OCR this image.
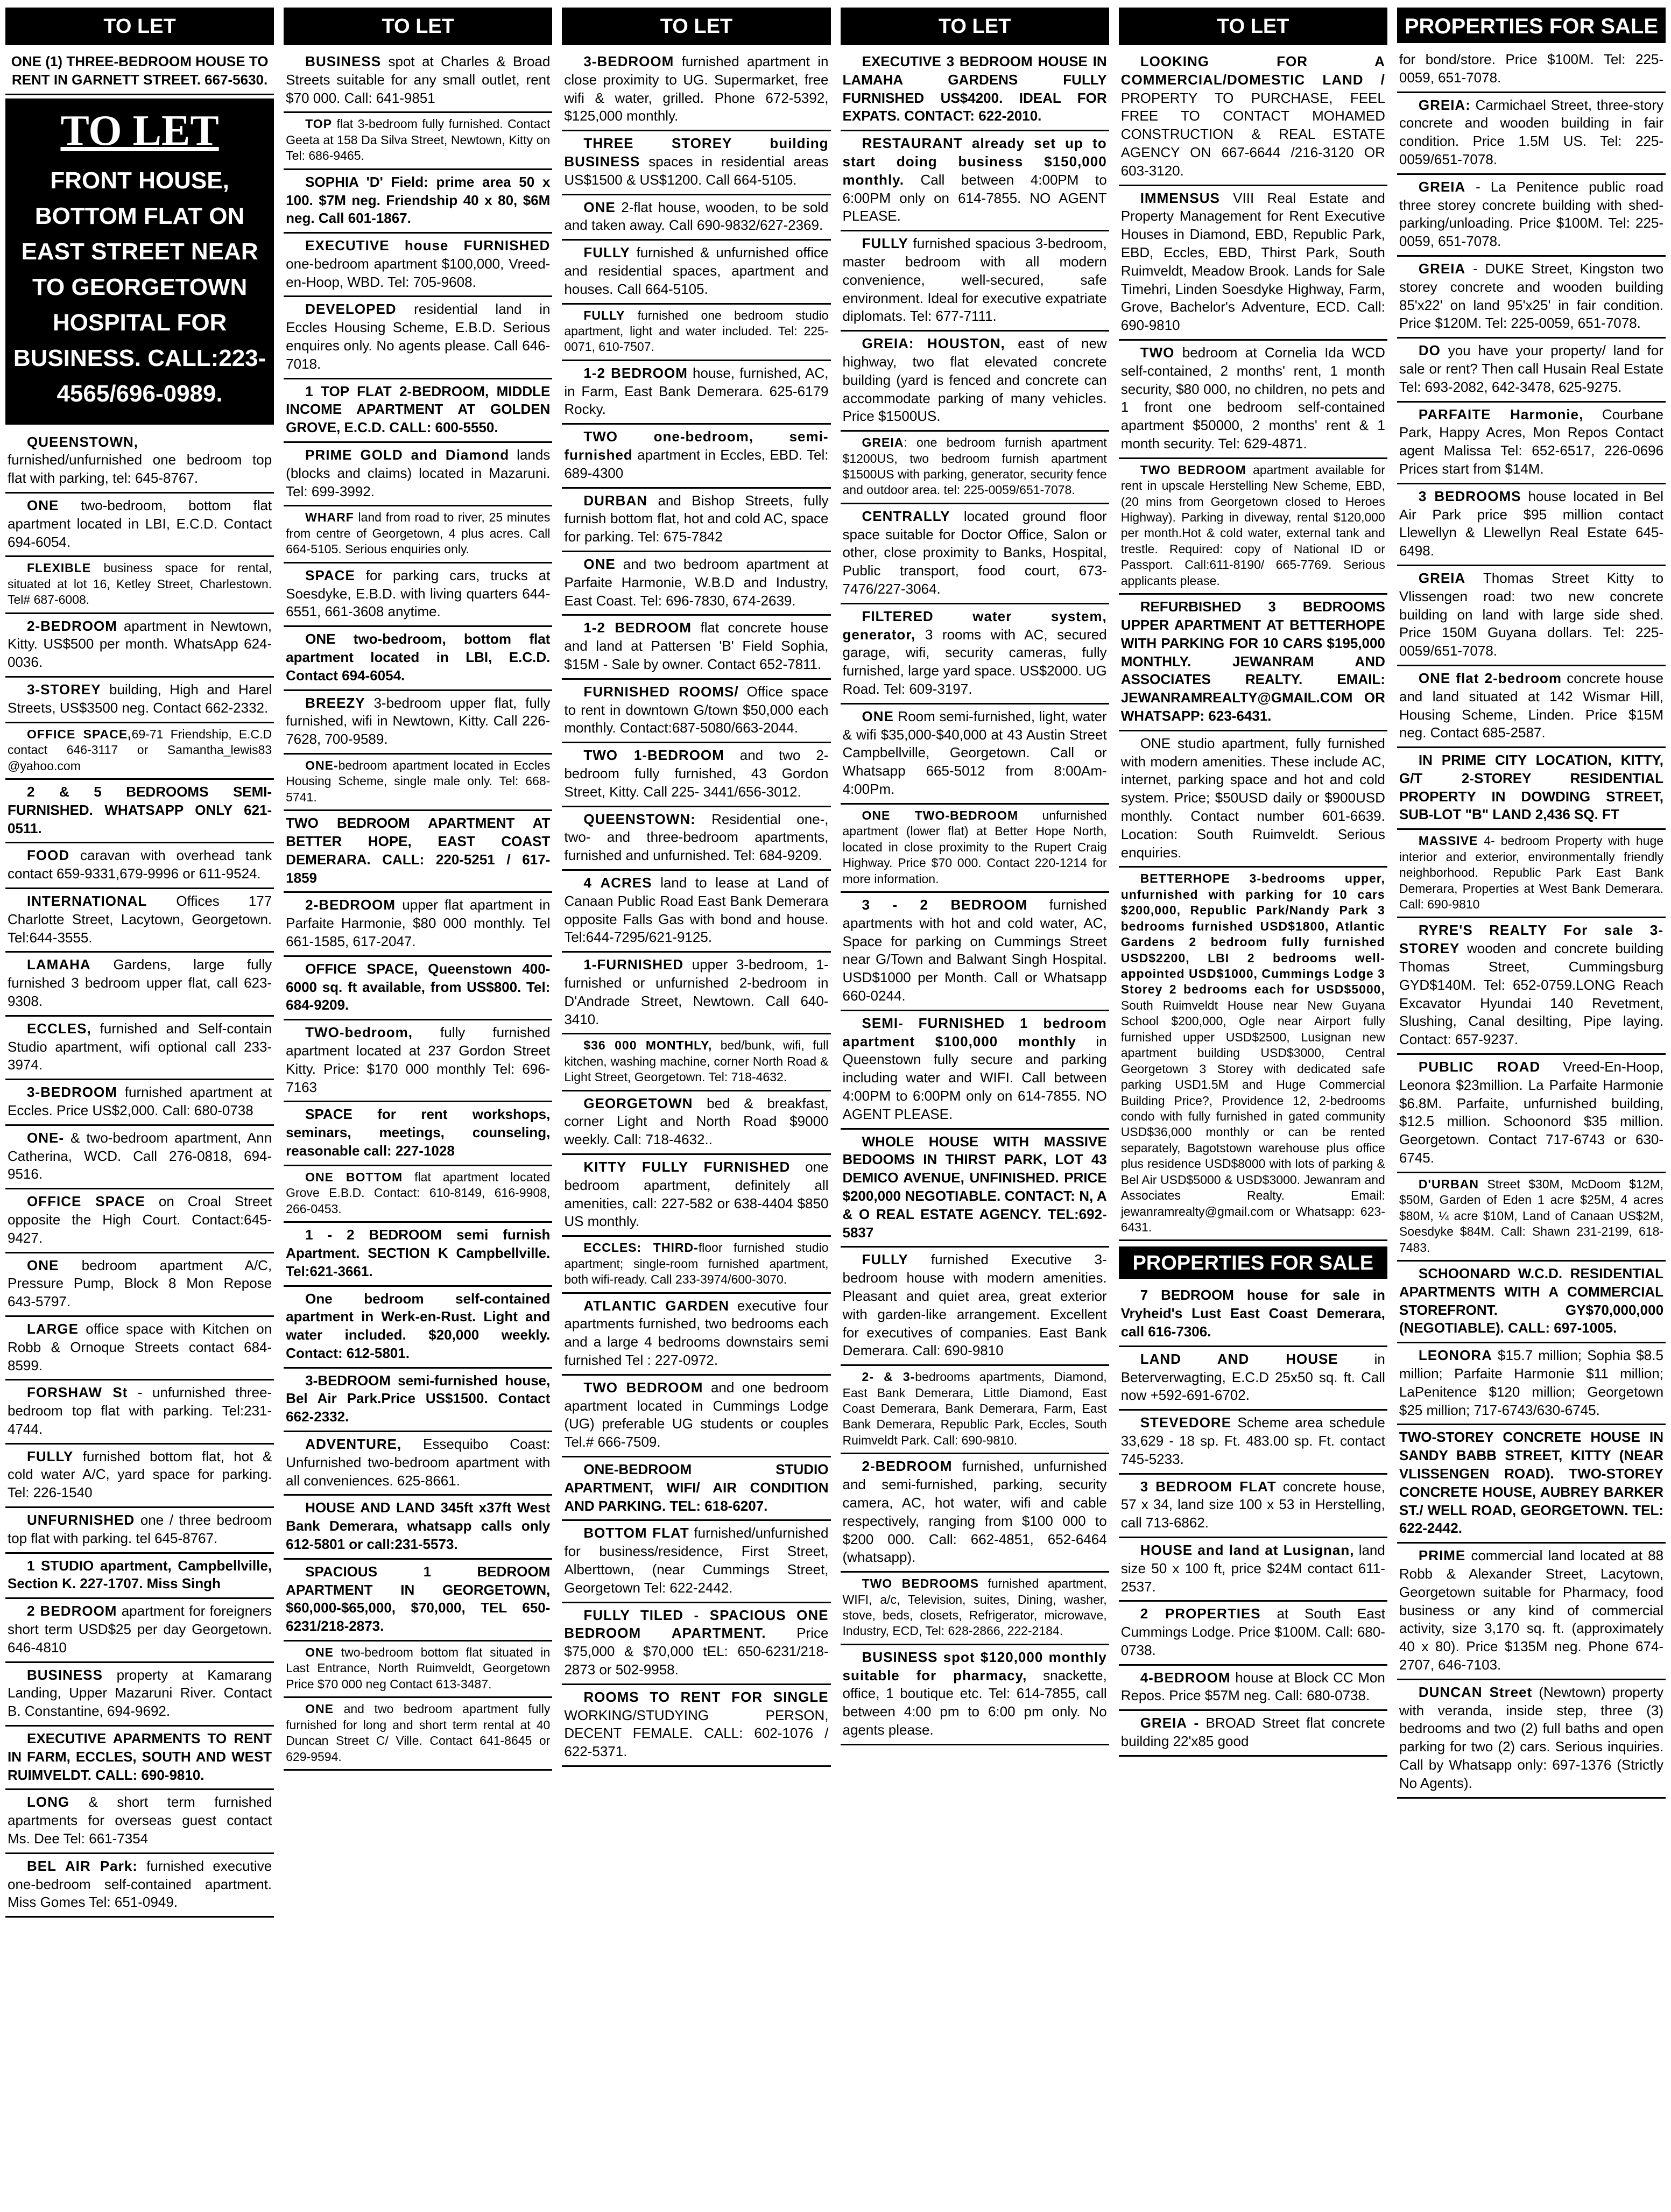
TO LET
ONE (1) THREE-BEDROOM HOUSE TO RENT IN GARNETT STREET. 667-5630.
TO LET
FRONT HOUSE, BOTTOM FLAT ON EAST STREET NEAR TO GEORGETOWN HOSPITAL FOR BUSINESS. CALL:223-4565/696-0989.
QUEENSTOWN, furnished/unfurnished one bedroom top flat with parking, tel: 645-8767.
ONE two-bedroom, bottom flat apartment located in LBI, E.C.D. Contact 694-6054.
FLEXIBLE business space for rental, situated at lot 16, Ketley Street, Charlestown. Tel# 687-6008.
2-BEDROOM apartment in Newtown, Kitty. US$500 per month. WhatsApp 624-0036.
3-STOREY building, High and Harel Streets, US$3500 neg. Contact 662-2332.
OFFICE SPACE,69-71 Friendship, E.C.D contact 646-3117 or Samantha_lewis83 @yahoo.com
2 & 5 BEDROOMS SEMI-FURNISHED. WHATSAPP ONLY 621-0511.
FOOD caravan with overhead tank contact 659-9331,679-9996 or 611-9524.
INTERNATIONAL Offices 177 Charlotte Street, Lacytown, Georgetown. Tel:644-3555.
LAMAHA Gardens, large fully furnished 3 bedroom upper flat, call 623-9308.
ECCLES, furnished and Self-contain Studio apartment, wifi optional call 233-3974.
3-BEDROOM furnished apartment at Eccles. Price US$2,000. Call: 680-0738
ONE- & two-bedroom apartment, Ann Catherina, WCD. Call 276-0818, 694-9516.
OFFICE SPACE on Croal Street opposite the High Court. Contact:645-9427.
ONE bedroom apartment A/C, Pressure Pump, Block 8 Mon Repose 643-5797.
LARGE office space with Kitchen on Robb & Ornoque Streets contact 684-8599.
FORSHAW St - unfurnished three-bedroom top flat with parking. Tel:231-4744.
FULLY furnished bottom flat, hot & cold water A/C, yard space for parking. Tel: 226-1540
UNFURNISHED one / three bedroom top flat with parking. tel 645-8767.
1 STUDIO apartment, Campbellville, Section K. 227-1707. Miss Singh
2 BEDROOM apartment for foreigners short term USD$25 per day Georgetown. 646-4810
BUSINESS property at Kamarang Landing, Upper Mazaruni River. Contact B. Constantine, 694-9692.
EXECUTIVE APARMENTS TO RENT IN FARM, ECCLES, SOUTH AND WEST RUIMVELDT. CALL: 690-9810.
LONG & short term furnished apartments for overseas guest contact Ms. Dee Tel: 661-7354
BEL AIR Park: furnished executive one-bedroom self-contained apartment. Miss Gomes Tel: 651-0949.
TO LET
BUSINESS spot at Charles & Broad Streets suitable for any small outlet, rent $70 000. Call: 641-9851
TOP flat 3-bedroom fully furnished. Contact Geeta at 158 Da Silva Street, Newtown, Kitty on Tel: 686-9465.
SOPHIA 'D' Field: prime area 50 x 100. $7M neg. Friendship 40 x 80, $6M neg. Call 601-1867.
EXECUTIVE house FURNISHED one-bedroom apartment $100,000, Vreed-en-Hoop, WBD. Tel: 705-9608.
DEVELOPED residential land in Eccles Housing Scheme, E.B.D. Serious enquires only. No agents please. Call 646-7018.
1 TOP FLAT 2-BEDROOM, MIDDLE INCOME APARTMENT AT GOLDEN GROVE, E.C.D. CALL: 600-5550.
PRIME GOLD and Diamond lands (blocks and claims) located in Mazaruni. Tel: 699-3992.
WHARF land from road to river, 25 minutes from centre of Georgetown, 4 plus acres. Call 664-5105. Serious enquiries only.
SPACE for parking cars, trucks at Soesdyke, E.B.D. with living quarters 644-6551, 661-3608 anytime.
ONE two-bedroom, bottom flat apartment located in LBI, E.C.D. Contact 694-6054.
BREEZY 3-bedroom upper flat, fully furnished, wifi in Newtown, Kitty. Call 226-7628, 700-9589.
ONE-bedroom apartment located in Eccles Housing Scheme, single male only. Tel: 668-5741.
TWO BEDROOM APARTMENT AT BETTER HOPE, EAST COAST DEMERARA. CALL: 220-5251 / 617-1859
2-BEDROOM upper flat apartment in Parfaite Harmonie, $80 000 monthly. Tel 661-1585, 617-2047.
OFFICE SPACE, Queenstown 400-6000 sq. ft available, from US$800. Tel: 684-9209.
TWO-bedroom, fully furnished apartment located at 237 Gordon Street Kitty. Price: $170 000 monthly Tel: 696-7163
SPACE for rent workshops, seminars, meetings, counseling, reasonable call: 227-1028
ONE BOTTOM flat apartment located Grove E.B.D. Contact: 610-8149, 616-9908, 266-0453.
1 - 2 BEDROOM semi furnish Apartment. SECTION K Campbellville. Tel:621-3661.
One bedroom self-contained apartment in Werk-en-Rust. Light and water included. $20,000 weekly. Contact: 612-5801.
3-BEDROOM semi-furnished house, Bel Air Park.Price US$1500. Contact 662-2332.
ADVENTURE, Essequibo Coast: Unfurnished two-bedroom apartment with all conveniences. 625-8661.
HOUSE AND LAND 345ft x37ft West Bank Demerara, whatsapp calls only 612-5801 or call:231-5573.
SPACIOUS 1 BEDROOM APARTMENT IN GEORGETOWN, $60,000-$65,000, $70,000, TEL 650-6231/218-2873.
ONE two-bedroom bottom flat situated in Last Entrance, North Ruimveldt, Georgetown Price $70 000 neg Contact 613-3487.
ONE and two bedroom apartment fully furnished for long and short term rental at 40 Duncan Street C/ Ville. Contact 641-8645 or 629-9594.
TO LET
3-BEDROOM furnished apartment in close proximity to UG. Supermarket, free wifi & water, grilled. Phone 672-5392, $125,000 monthly.
THREE STOREY building BUSINESS spaces in residential areas US$1500 & US$1200. Call 664-5105.
ONE 2-flat house, wooden, to be sold and taken away. Call 690-9832/627-2369.
FULLY furnished & unfurnished office and residential spaces, apartment and houses. Call 664-5105.
FULLY furnished one bedroom studio apartment, light and water included. Tel: 225-0071, 610-7507.
1-2 BEDROOM house, furnished, AC, in Farm, East Bank Demerara. 625-6179 Rocky.
TWO one-bedroom, semi-furnished apartment in Eccles, EBD. Tel: 689-4300
DURBAN and Bishop Streets, fully furnish bottom flat, hot and cold AC, space for parking. Tel: 675-7842
ONE and two bedroom apartment at Parfaite Harmonie, W.B.D and Industry, East Coast. Tel: 696-7830, 674-2639.
1-2 BEDROOM flat concrete house and land at Pattersen 'B' Field Sophia, $15M - Sale by owner. Contact 652-7811.
FURNISHED ROOMS/ Office space to rent in downtown G/town $50,000 each monthly. Contact:687-5080/663-2044.
TWO 1-BEDROOM and two 2-bedroom fully furnished, 43 Gordon Street, Kitty. Call 225- 3441/656-3012.
QUEENSTOWN: Residential one-, two- and three-bedroom apartments, furnished and unfurnished. Tel: 684-9209.
4 ACRES land to lease at Land of Canaan Public Road East Bank Demerara opposite Falls Gas with bond and house. Tel:644-7295/621-9125.
1-FURNISHED upper 3-bedroom, 1-furnished or unfurnished 2-bedroom in D'Andrade Street, Newtown. Call 640-3410.
$36 000 MONTHLY, bed/bunk, wifi, full kitchen, washing machine, corner North Road & Light Street, Georgetown. Tel: 718-4632.
GEORGETOWN bed & breakfast, corner Light and North Road $9000 weekly. Call: 718-4632..
KITTY FULLY FURNISHED one bedroom apartment, definitely all amenities, call: 227-582 or 638-4404 $850 US monthly.
ECCLES: THIRD-floor furnished studio apartment; single-room furnished apartment, both wifi-ready. Call 233-3974/600-3070.
ATLANTIC GARDEN executive four apartments furnished, two bedrooms each and a large 4 bedrooms downstairs semi furnished Tel : 227-0972.
TWO BEDROOM and one bedroom apartment located in Cummings Lodge (UG) preferable UG students or couples Tel.# 666-7509.
ONE-BEDROOM STUDIO APARTMENT, WIFI/ AIR CONDITION AND PARKING. TEL: 618-6207.
BOTTOM FLAT furnished/unfurnished for business/residence, First Street, Alberttown, (near Cummings Street, Georgetown Tel: 622-2442.
FULLY TILED - SPACIOUS ONE BEDROOM APARTMENT. Price $75,000 & $70,000 tEL: 650-6231/218-2873 or 502-9958.
ROOMS TO RENT FOR SINGLE WORKING/STUDYING PERSON, DECENT FEMALE. CALL: 602-1076 / 622-5371.
TO LET
EXECUTIVE 3 BEDROOM HOUSE IN LAMAHA GARDENS FULLY FURNISHED US$4200. IDEAL FOR EXPATS. CONTACT: 622-2010.
RESTAURANT already set up to start doing business $150,000 monthly. Call between 4:00PM to 6:00PM only on 614-7855. NO AGENT PLEASE.
FULLY furnished spacious 3-bedroom, master bedroom with all modern convenience, well-secured, safe environment. Ideal for executive expatriate diplomats. Tel: 677-7111.
GREIA: HOUSTON, east of new highway, two flat elevated concrete building (yard is fenced and concrete can accommodate parking of many vehicles. Price $1500US.
GREIA: one bedroom furnish apartment $1200US, two bedroom furnish apartment $1500US with parking, generator, security fence and outdoor area. tel: 225-0059/651-7078.
CENTRALLY located ground floor space suitable for Doctor Office, Salon or other, close proximity to Banks, Hospital, Public transport, food court, 673-7476/227-3064.
FILTERED water system, generator, 3 rooms with AC, secured garage, wifi, security cameras, fully furnished, large yard space. US$2000. UG Road. Tel: 609-3197.
ONE Room semi-furnished, light, water & wifi $35,000-$40,000 at 43 Austin Street Campbellville, Georgetown. Call or Whatsapp 665-5012 from 8:00Am-4:00Pm.
ONE TWO-BEDROOM unfurnished apartment (lower flat) at Better Hope North, located in close proximity to the Rupert Craig Highway. Price $70 000. Contact 220-1214 for more information.
3 - 2 BEDROOM furnished apartments with hot and cold water, AC, Space for parking on Cummings Street near G/Town and Balwant Singh Hospital. USD$1000 per Month. Call or Whatsapp 660-0244.
SEMI- FURNISHED 1 bedroom apartment $100,000 monthly in Queenstown fully secure and parking including water and WIFI. Call between 4:00PM to 6:00PM only on 614-7855. NO AGENT PLEASE.
WHOLE HOUSE WITH MASSIVE BEDOOMS IN THIRST PARK, LOT 43 DEMICO AVENUE, UNFINISHED. PRICE $200,000 NEGOTIABLE. CONTACT: N, A & O REAL ESTATE AGENCY. TEL:692-5837
FULLY furnished Executive 3- bedroom house with modern amenities. Pleasant and quiet area, great exterior with garden-like arrangement. Excellent for executives of companies. East Bank Demerara. Call: 690-9810
2- & 3-bedrooms apartments, Diamond, East Bank Demerara, Little Diamond, East Coast Demerara, Bank Demerara, Farm, East Bank Demerara, Republic Park, Eccles, South Ruimveldt Park. Call: 690-9810.
2-BEDROOM furnished, unfurnished and semi-furnished, parking, security camera, AC, hot water, wifi and cable respectively, ranging from $100 000 to $200 000. Call: 662-4851, 652-6464 (whatsapp).
TWO BEDROOMS furnished apartment, WIFI, a/c, Television, suites, Dining, washer, stove, beds, closets, Refrigerator, microwave, Industry, ECD, Tel: 628-2866, 222-2184.
BUSINESS spot $120,000 monthly suitable for pharmacy, snackette, office, 1 boutique etc. Tel: 614-7855, call between 4:00 pm to 6:00 pm only. No agents please.
TO LET
LOOKING FOR A COMMERCIAL/DOMESTIC LAND / PROPERTY TO PURCHASE, FEEL FREE TO CONTACT MOHAMED CONSTRUCTION & REAL ESTATE AGENCY ON 667-6644 /216-3120 OR 603-3120.
IMMENSUS VIII Real Estate and Property Management for Rent Executive Houses in Diamond, EBD, Republic Park, EBD, Eccles, EBD, Thirst Park, South Ruimveldt, Meadow Brook. Lands for Sale Timehri, Linden Soesdyke Highway, Farm, Grove, Bachelor's Adventure, ECD. Call: 690-9810
TWO bedroom at Cornelia Ida WCD self-contained, 2 months' rent, 1 month security, $80 000, no children, no pets and 1 front one bedroom self-contained apartment $50000, 2 months' rent & 1 month security. Tel: 629-4871.
TWO BEDROOM apartment available for rent in upscale Herstelling New Scheme, EBD, (20 mins from Georgetown closed to Heroes Highway). Parking in diveway, rental $120,000 per month.Hot & cold water, external tank and trestle. Required: copy of National ID or Passport. Call:611-8190/ 665-7769. Serious applicants please.
REFURBISHED 3 BEDROOMS UPPER APARTMENT AT BETTERHOPE WITH PARKING FOR 10 CARS $195,000 MONTHLY. JEWANRAM AND ASSOCIATES REALTY. EMAIL: JEWANRAMREALTY@GMAIL.COM OR WHATSAPP: 623-6431.
ONE studio apartment, fully furnished with modern amenities. These include AC, internet, parking space and hot and cold system. Price; $50USD daily or $900USD monthly. Contact number 601-6639. Location: South Ruimveldt. Serious enquiries.
BETTERHOPE 3-bedrooms upper, unfurnished with parking for 10 cars $200,000, Republic Park/Nandy Park 3 bedrooms furnished USD$1800, Atlantic Gardens 2 bedroom fully furnished USD$2200, LBI 2 bedrooms well-appointed USD$1000, Cummings Lodge 3 Storey 2 bedrooms each for USD$5000, South Ruimveldt House near New Guyana School $200,000, Ogle near Airport fully furnished upper USD$2500, Lusignan new apartment building USD$3000, Central Georgetown 3 Storey with dedicated safe parking USD1.5M and Huge Commercial Building Price?, Providence 12, 2-bedrooms condo with fully furnished in gated community USD$36,000 monthly or can be rented separately, Bagotstown warehouse plus office plus residence USD$8000 with lots of parking & Bel Air USD$5000 & USD$3000. Jewanram and Associates Realty. Email: jewanramrealty@gmail.com or Whatsapp: 623-6431.
PROPERTIES FOR SALE
7 BEDROOM house for sale in Vryheid's Lust East Coast Demerara, call 616-7306.
LAND AND HOUSE in Beterverwagting, E.C.D 25x50 sq. ft. Call now +592-691-6702.
STEVEDORE Scheme area schedule 33,629 - 18 sp. Ft. 483.00 sp. Ft. contact 745-5233.
3 BEDROOM FLAT concrete house, 57 x 34, land size 100 x 53 in Herstelling, call 713-6862.
HOUSE and land at Lusignan, land size 50 x 100 ft, price $24M contact 611-2537.
2 PROPERTIES at South East Cummings Lodge. Price $100M. Call: 680-0738.
4-BEDROOM house at Block CC Mon Repos. Price $57M neg. Call: 680-0738.
GREIA - BROAD Street flat concrete building 22'x85 good
PROPERTIES FOR SALE
for bond/store. Price $100M. Tel: 225-0059, 651-7078.
GREIA: Carmichael Street, three-story concrete and wooden building in fair condition. Price 1.5M US. Tel: 225-0059/651-7078.
GREIA - La Penitence public road three storey concrete building with shed-parking/unloading. Price $100M. Tel: 225-0059, 651-7078.
GREIA - DUKE Street, Kingston two storey concrete and wooden building 85'x22' on land 95'x25' in fair condition. Price $120M. Tel: 225-0059, 651-7078.
DO you have your property/ land for sale or rent? Then call Husain Real Estate Tel: 693-2082, 642-3478, 625-9275.
PARFAITE Harmonie, Courbane Park, Happy Acres, Mon Repos Contact agent Malissa Tel: 652-6517, 226-0696 Prices start from $14M.
3 BEDROOMS house located in Bel Air Park price $95 million contact Llewellyn & Llewellyn Real Estate 645-6498.
GREIA Thomas Street Kitty to Vlissengen road: two new concrete building on land with large side shed. Price 150M Guyana dollars. Tel: 225-0059/651-7078.
ONE flat 2-bedroom concrete house and land situated at 142 Wismar Hill, Housing Scheme, Linden. Price $15M neg. Contact 685-2587.
IN PRIME CITY LOCATION, KITTY, G/T 2-STOREY RESIDENTIAL PROPERTY IN DOWDING STREET, SUB-LOT "B" LAND 2,436 SQ. FT
MASSIVE 4- bedroom Property with huge interior and exterior, environmentally friendly neighborhood. Republic Park East Bank Demerara, Properties at West Bank Demerara. Call: 690-9810
RYRE'S REALTY For sale 3-STOREY wooden and concrete building Thomas Street, Cummingsburg GYD$140M. Tel: 652-0759.LONG Reach Excavator Hyundai 140 Revetment, Slushing, Canal desilting, Pipe laying. Contact: 657-9237.
PUBLIC ROAD Vreed-En-Hoop, Leonora $23million. La Parfaite Harmonie $6.8M. Parfaite, unfurnished building, $12.5 million. Schoonord $35 million. Georgetown. Contact 717-6743 or 630-6745.
D'URBAN Street $30M, McDoom $12M, $50M, Garden of Eden 1 acre $25M, 4 acres $80M, ¼ acre $10M, Land of Canaan US$2M, Soesdyke $84M. Call: Shawn 231-2199, 618-7483.
SCHOONARD W.C.D. RESIDENTIAL APARTMENTS WITH A COMMERCIAL STOREFRONT. GY$70,000,000 (NEGOTIABLE). CALL: 697-1005.
LEONORA $15.7 million; Sophia $8.5 million; Parfaite Harmonie $11 million; LaPenitence $120 million; Georgetown $25 million; 717-6743/630-6745.
TWO-STOREY CONCRETE HOUSE IN SANDY BABB STREET, KITTY (NEAR VLISSENGEN ROAD). TWO-STOREY CONCRETE HOUSE, AUBREY BARKER ST./ WELL ROAD, GEORGETOWN. TEL: 622-2442.
PRIME commercial land located at 88 Robb & Alexander Street, Lacytown, Georgetown suitable for Pharmacy, food business or any kind of commercial activity, size 3,170 sq. ft. (approximately 40 x 80). Price $135M neg. Phone 674-2707, 646-7103.
DUNCAN Street (Newtown) property with veranda, inside step, three (3) bedrooms and two (2) full baths and open parking for two (2) cars. Serious inquiries. Call by Whatsapp only: 697-1376 (Strictly No Agents).
